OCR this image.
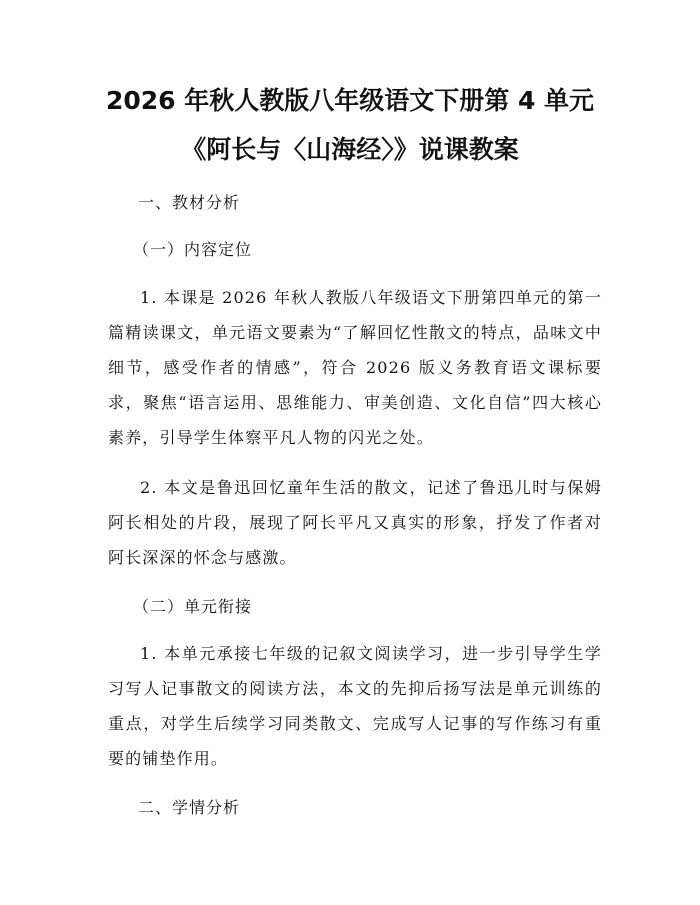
2026 年秋人教版八年级语文下册第 4 单元
《阿长与〈山海经〉》说课教案
一、教材分析
（一）内容定位

1. 本课是 2026 年秋人教版八年级语文下册第四单元的第一篇精读课文，单元语文要素为“了解回忆性散文的特点，品味文中细节，感受作者的情感”，符合 2026 版义务教育语文课标要求，聚焦“语言运用、思维能力、审美创造、文化自信”四大核心素养，引导学生体察平凡人物的闪光之处。

2. 本文是鲁迅回忆童年生活的散文，记述了鲁迅儿时与保姆阿长相处的片段，展现了阿长平凡又真实的形象，抒发了作者对阿长深深的怀念与感激。

（二）单元衔接

1. 本单元承接七年级的记叙文阅读学习，进一步引导学生学习写人记事散文的阅读方法，本文的先抑后扬写法是单元训练的重点，对学生后续学习同类散文、完成写人记事的写作练习有重要的铺垫作用。

二、学情分析
